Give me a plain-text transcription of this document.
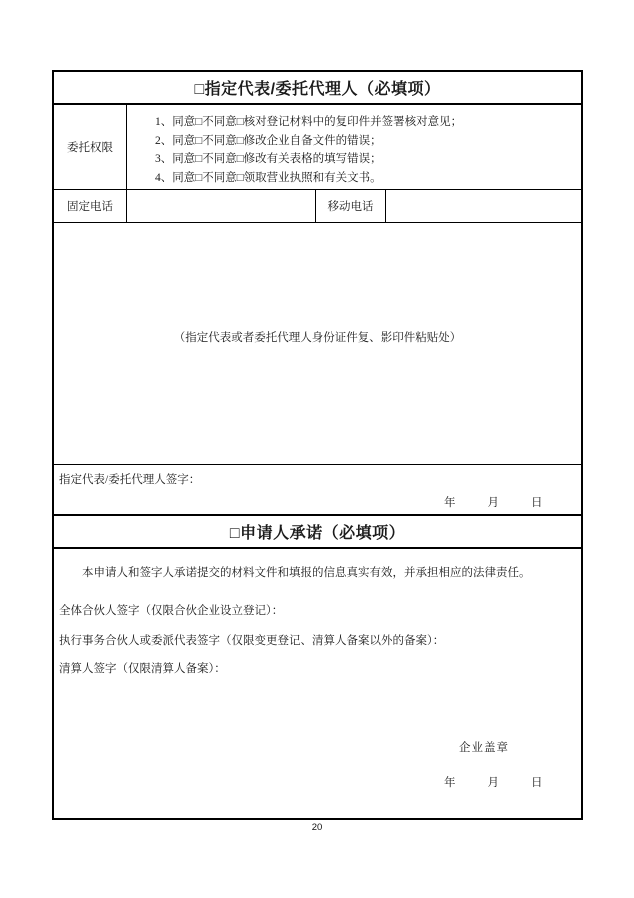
□指定代表/委托代理人（必填项）
委托权限
1、同意□不同意□核对登记材料中的复印件并签署核对意见；
2、同意□不同意□修改企业自备文件的错误；
3、同意□不同意□修改有关表格的填写错误；
4、同意□不同意□领取营业执照和有关文书。
固定电话	移动电话
（指定代表或者委托代理人身份证件复、影印件粘贴处）
指定代表/委托代理人签字：
年	月	日
□申请人承诺（必填项）
本申请人和签字人承诺提交的材料文件和填报的信息真实有效，并承担相应的法律责任。
全体合伙人签字（仅限合伙企业设立登记）：
执行事务合伙人或委派代表签字（仅限变更登记、清算人备案以外的备案）：
清算人签字（仅限清算人备案）：
企业盖章
年	月	日
20
